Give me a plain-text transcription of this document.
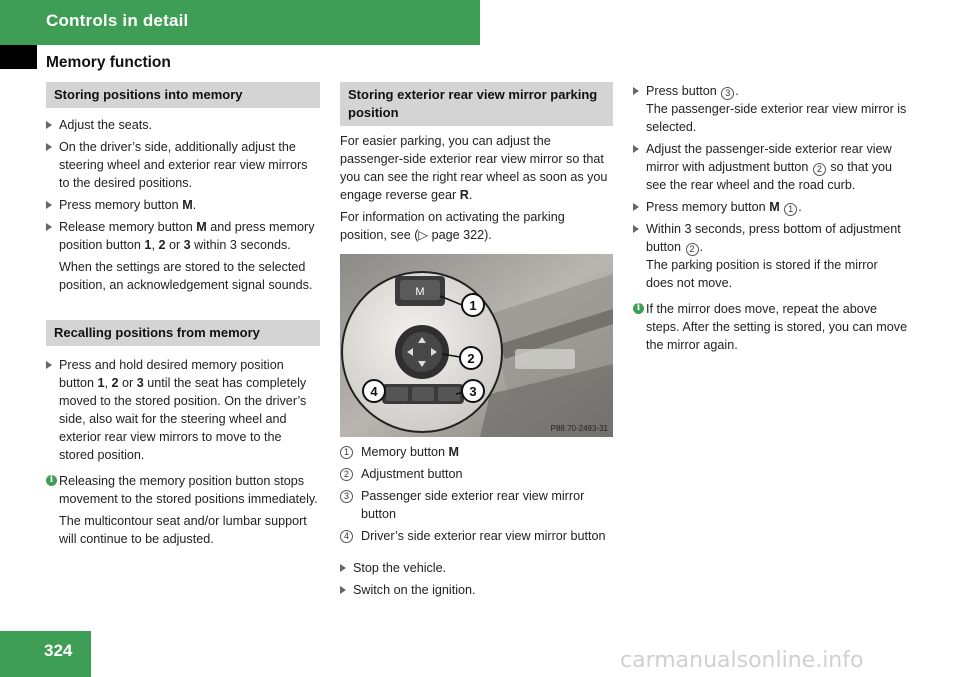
Controls in detail
Memory function
Storing positions into memory
Adjust the seats.
On the driver’s side, additionally adjust the steering wheel and exterior rear view mirrors to the desired positions.
Press memory button M.
Release memory button M and press memory position button 1, 2 or 3 within 3 seconds.
When the settings are stored to the selected position, an acknowledgement signal sounds.
Recalling positions from memory
Press and hold desired memory position button 1, 2 or 3 until the seat has completely moved to the stored position. On the driver’s side, also wait for the steering wheel and exterior rear view mirrors to move to the stored position.
i Releasing the memory position button stops movement to the stored positions immediately.
The multicontour seat and/or lumbar support will continue to be adjusted.
Storing exterior rear view mirror parking position
For easier parking, you can adjust the passenger-side exterior rear view mirror so that you can see the right rear wheel as soon as you engage reverse gear R.
For information on activating the parking position, see (▷ page 322).
M
1
2
3
4
P88.70-2493-31
1 Memory button M
2 Adjustment button
3 Passenger side exterior rear view mirror button
4 Driver’s side exterior rear view mirror button
Stop the vehicle.
Switch on the ignition.
Press button 3 .
The passenger-side exterior rear view mirror is selected.
Adjust the passenger-side exterior rear view mirror with adjustment button 2 so that you see the rear wheel and the road curb.
Press memory button M 1 .
Within 3 seconds, press bottom of adjustment button 2 .
The parking position is stored if the mirror does not move.
i If the mirror does move, repeat the above steps. After the setting is stored, you can move the mirror again.
324	carmanualsonline.info
